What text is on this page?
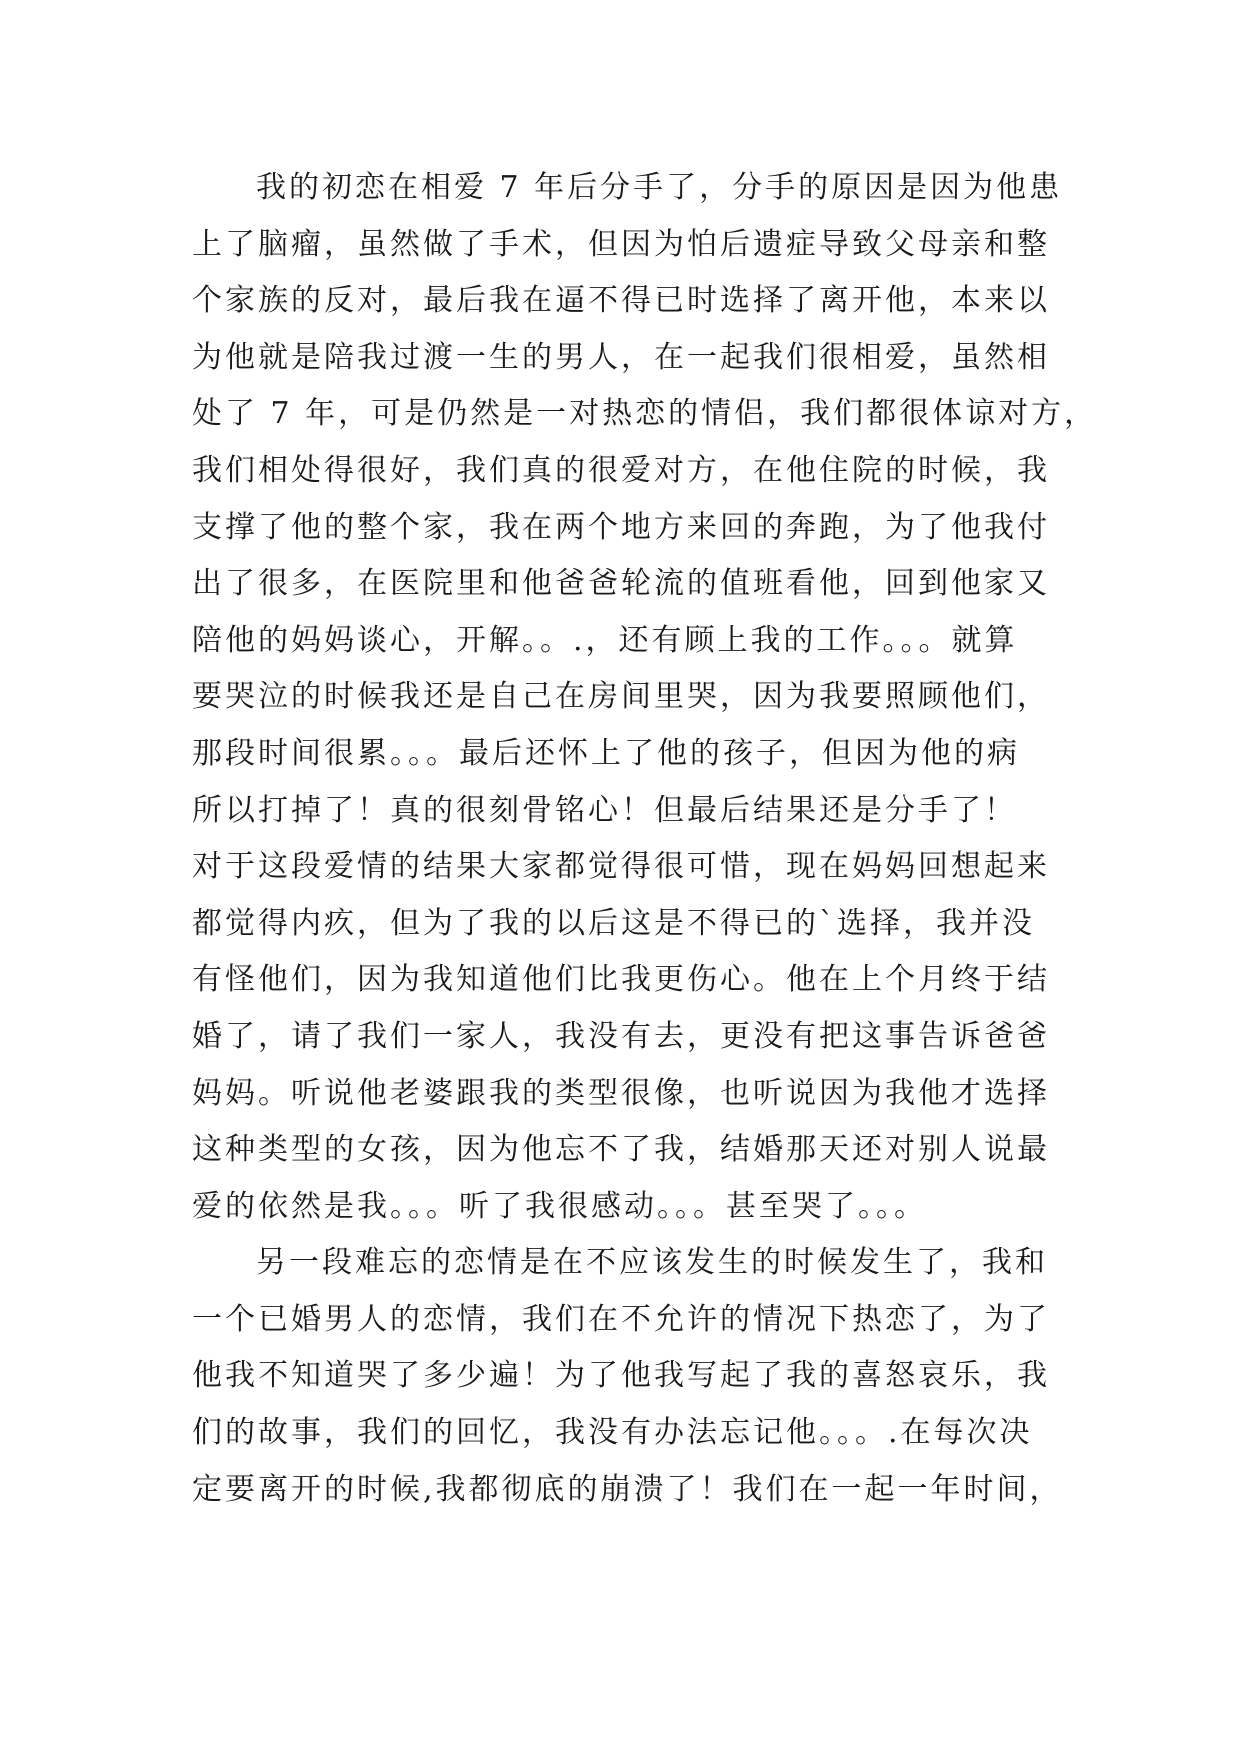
我的初恋在相爱 7 年后分手了，分手的原因是因为他患
上了脑瘤，虽然做了手术，但因为怕后遗症导致父母亲和整
个家族的反对，最后我在逼不得已时选择了离开他，本来以
为他就是陪我过渡一生的男人，在一起我们很相爱，虽然相
处了 7 年，可是仍然是一对热恋的情侣，我们都很体谅对方，
我们相处得很好，我们真的很爱对方，在他住院的时候，我
支撑了他的整个家，我在两个地方来回的奔跑，为了他我付
出了很多，在医院里和他爸爸轮流的值班看他，回到他家又
陪他的妈妈谈心，开解。。.，还有顾上我的工作。。。就算
要哭泣的时候我还是自己在房间里哭，因为我要照顾他们，
那段时间很累。。。最后还怀上了他的孩子，但因为他的病
所以打掉了！真的很刻骨铭心！但最后结果还是分手了！
对于这段爱情的结果大家都觉得很可惜，现在妈妈回想起来
都觉得内疚，但为了我的以后这是不得已的`选择，我并没
有怪他们，因为我知道他们比我更伤心。他在上个月终于结
婚了，请了我们一家人，我没有去，更没有把这事告诉爸爸
妈妈。听说他老婆跟我的类型很像，也听说因为我他才选择
这种类型的女孩，因为他忘不了我，结婚那天还对别人说最
爱的依然是我。。。听了我很感动。。。甚至哭了。。。
另一段难忘的恋情是在不应该发生的时候发生了，我和
一个已婚男人的恋情，我们在不允许的情况下热恋了，为了
他我不知道哭了多少遍！为了他我写起了我的喜怒哀乐，我
们的故事，我们的回忆，我没有办法忘记他。。。.在每次决
定要离开的时候,我都彻底的崩溃了！我们在一起一年时间，
